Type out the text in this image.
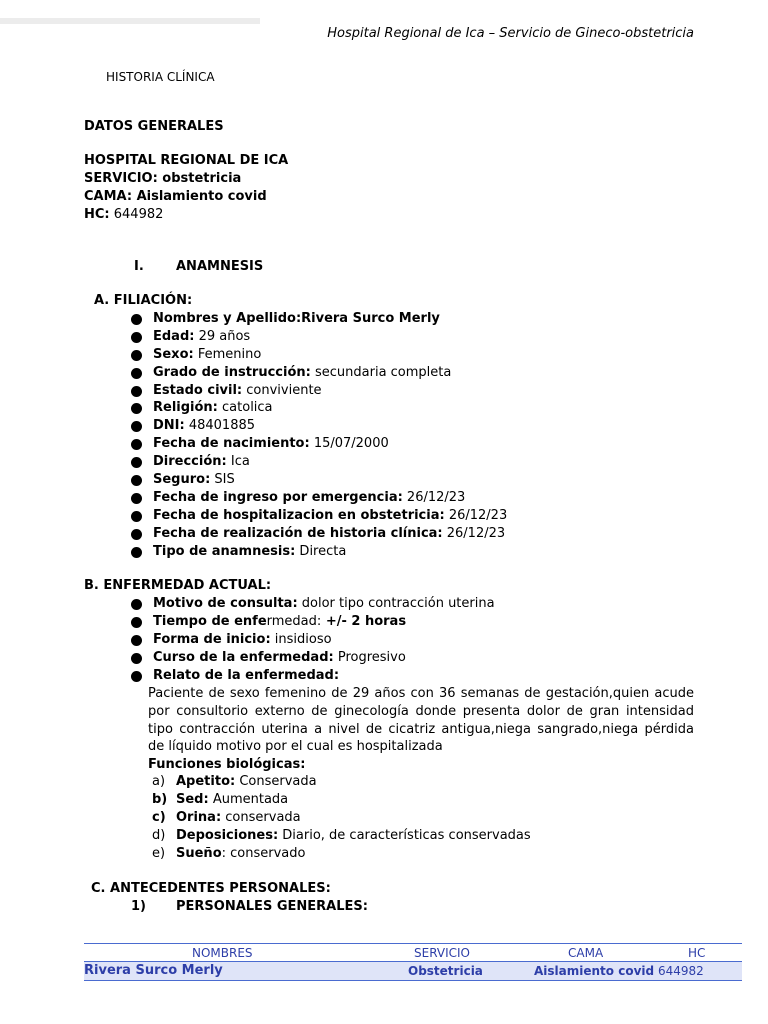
Hospital Regional de Ica – Servicio de Gineco-obstetricia
HISTORIA CLÍNICA
DATOS GENERALES
HOSPITAL REGIONAL DE ICA
SERVICIO: obstetricia
CAMA: Aislamiento covid
HC: 644982
I. ANAMNESIS
A. FILIACIÓN:
Nombres y Apellido:Rivera Surco Merly
Edad: 29 años
Sexo: Femenino
Grado de instrucción: secundaria completa
Estado civil: conviviente
Religión: catolica
DNI: 48401885
Fecha de nacimiento: 15/07/2000
Dirección: Ica
Seguro: SIS
Fecha de ingreso por emergencia: 26/12/23
Fecha de hospitalizacion en obstetricia: 26/12/23
Fecha de realización de historia clínica: 26/12/23
Tipo de anamnesis: Directa
B. ENFERMEDAD ACTUAL:
Motivo de consulta: dolor tipo contracción uterina
Tiempo de enfermedad: +/- 2 horas
Forma de inicio: insidioso
Curso de la enfermedad: Progresivo
Relato de la enfermedad:
Paciente de sexo femenino de 29 años con 36 semanas de gestación,quien acude por consultorio externo de ginecología donde presenta dolor de gran intensidad tipo contracción uterina a nivel de cicatriz antigua,niega sangrado,niega pérdida de líquido motivo por el cual es hospitalizada
Funciones biológicas:
a) Apetito: Conservada
b) Sed: Aumentada
c) Orina: conservada
d) Deposiciones: Diario, de características conservadas
e) Sueño: conservado
C. ANTECEDENTES PERSONALES:
1) PERSONALES GENERALES:
NOMBRES	SERVICIO	CAMA	HC
Rivera Surco Merly	Obstetricia	Aislamiento covid 644982
